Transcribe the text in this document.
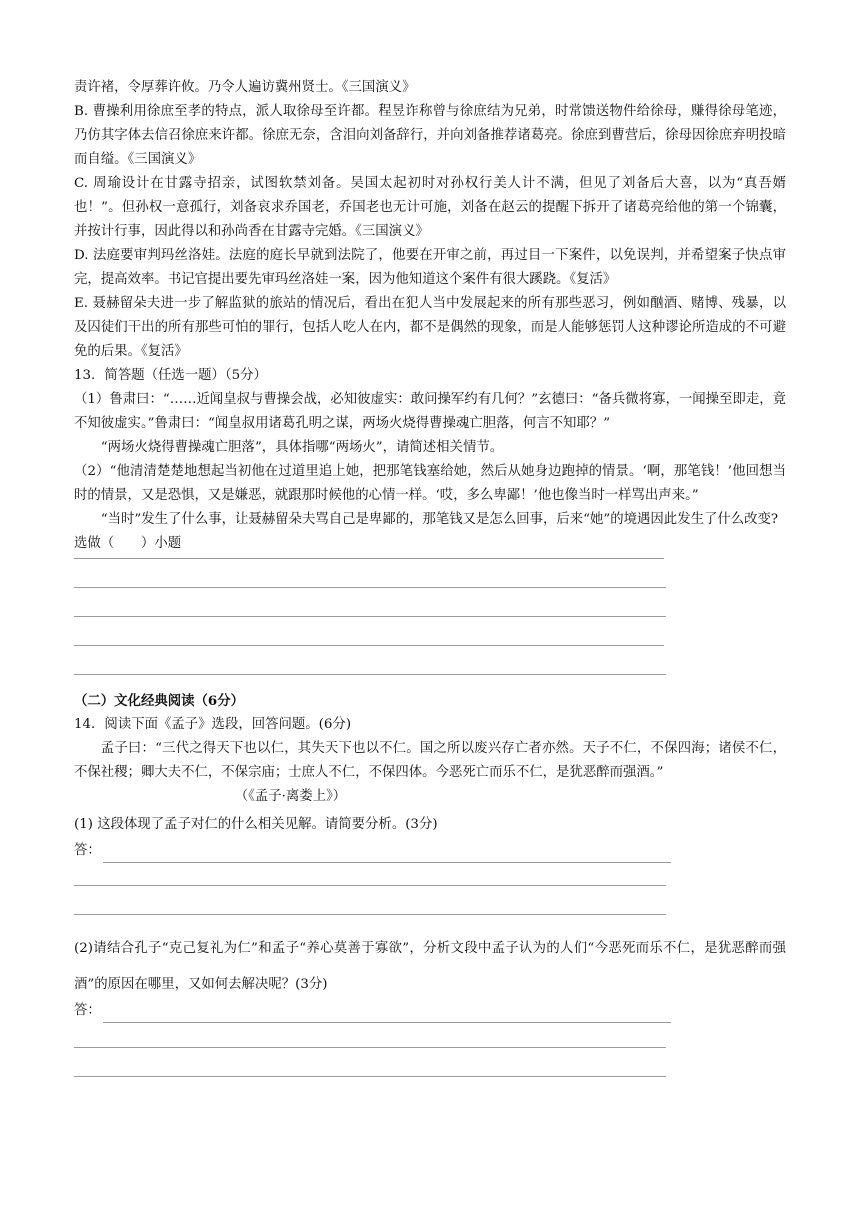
责许褚，令厚葬许攸。乃令人遍访冀州贤士。《三国演义》

B. 曹操利用徐庶至孝的特点，派人取徐母至许都。程昱诈称曾与徐庶结为兄弟，时常馈送物件给徐母，赚得徐母笔迹，乃仿其字体去信召徐庶来许都。徐庶无奈，含泪向刘备辞行，并向刘备推荐诸葛亮。徐庶到曹营后，徐母因徐庶弃明投暗而自缢。《三国演义》

C. 周瑜设计在甘露寺招亲，试图软禁刘备。吴国太起初时对孙权行美人计不满，但见了刘备后大喜，以为“真吾婿也！”。但孙权一意孤行，刘备哀求乔国老，乔国老也无计可施，刘备在赵云的提醒下拆开了诸葛亮给他的第一个锦囊，并按计行事，因此得以和孙尚香在甘露寺完婚。《三国演义》

D. 法庭要审判玛丝洛娃。法庭的庭长早就到法院了，他要在开审之前，再过目一下案件，以免误判，并希望案子快点审完，提高效率。书记官提出要先审玛丝洛娃一案，因为他知道这个案件有很大蹊跷。《复活》

E. 聂赫留朵夫进一步了解监狱的旅站的情况后，看出在犯人当中发展起来的所有那些恶习，例如酗酒、赌博、残暴，以及囚徒们干出的所有那些可怕的罪行，包括人吃人在内，都不是偶然的现象，而是人能够惩罚人这种谬论所造成的不可避免的后果。《复活》

13．简答题（任选一题）（5分）

（1）鲁肃曰：“……近闻皇叔与曹操会战，必知彼虚实：敢问操军约有几何？”玄德曰：“备兵微将寡，一闻操至即走，竟不知彼虚实。”鲁肃曰：“闻皇叔用诸葛孔明之谋，两场火烧得曹操魂亡胆落，何言不知耶？”

“两场火烧得曹操魂亡胆落”，具体指哪“两场火”，请简述相关情节。

（2）“他清清楚楚地想起当初他在过道里追上她，把那笔钱塞给她，然后从她身边跑掉的情景。‘啊，那笔钱！’他回想当时的情景，又是恐惧，又是嫌恶，就跟那时候他的心情一样。‘哎，多么卑鄙！’他也像当时一样骂出声来。”

“当时”发生了什么事，让聂赫留朵夫骂自己是卑鄙的，那笔钱又是怎么回事，后来“她”的境遇因此发生了什么改变?

选做（　　）小题

（二）文化经典阅读（6分）

14．阅读下面《孟子》选段，回答问题。(6分)

孟子曰：“三代之得天下也以仁，其失天下也以不仁。国之所以废兴存亡者亦然。天子不仁，不保四海；诸侯不仁，不保社稷；卿大夫不仁，不保宗庙；士庶人不仁，不保四体。今恶死亡而乐不仁，是犹恶醉而强酒。”

（《孟子·离娄上》）

(1) 这段体现了孟子对仁的什么相关见解。请简要分析。(3分)

答：

(2)请结合孔子“克己复礼为仁”和孟子“养心莫善于寡欲”，分析文段中孟子认为的人们“今恶死而乐不仁，是犹恶醉而强酒”的原因在哪里，又如何去解决呢？(3分)

答：
